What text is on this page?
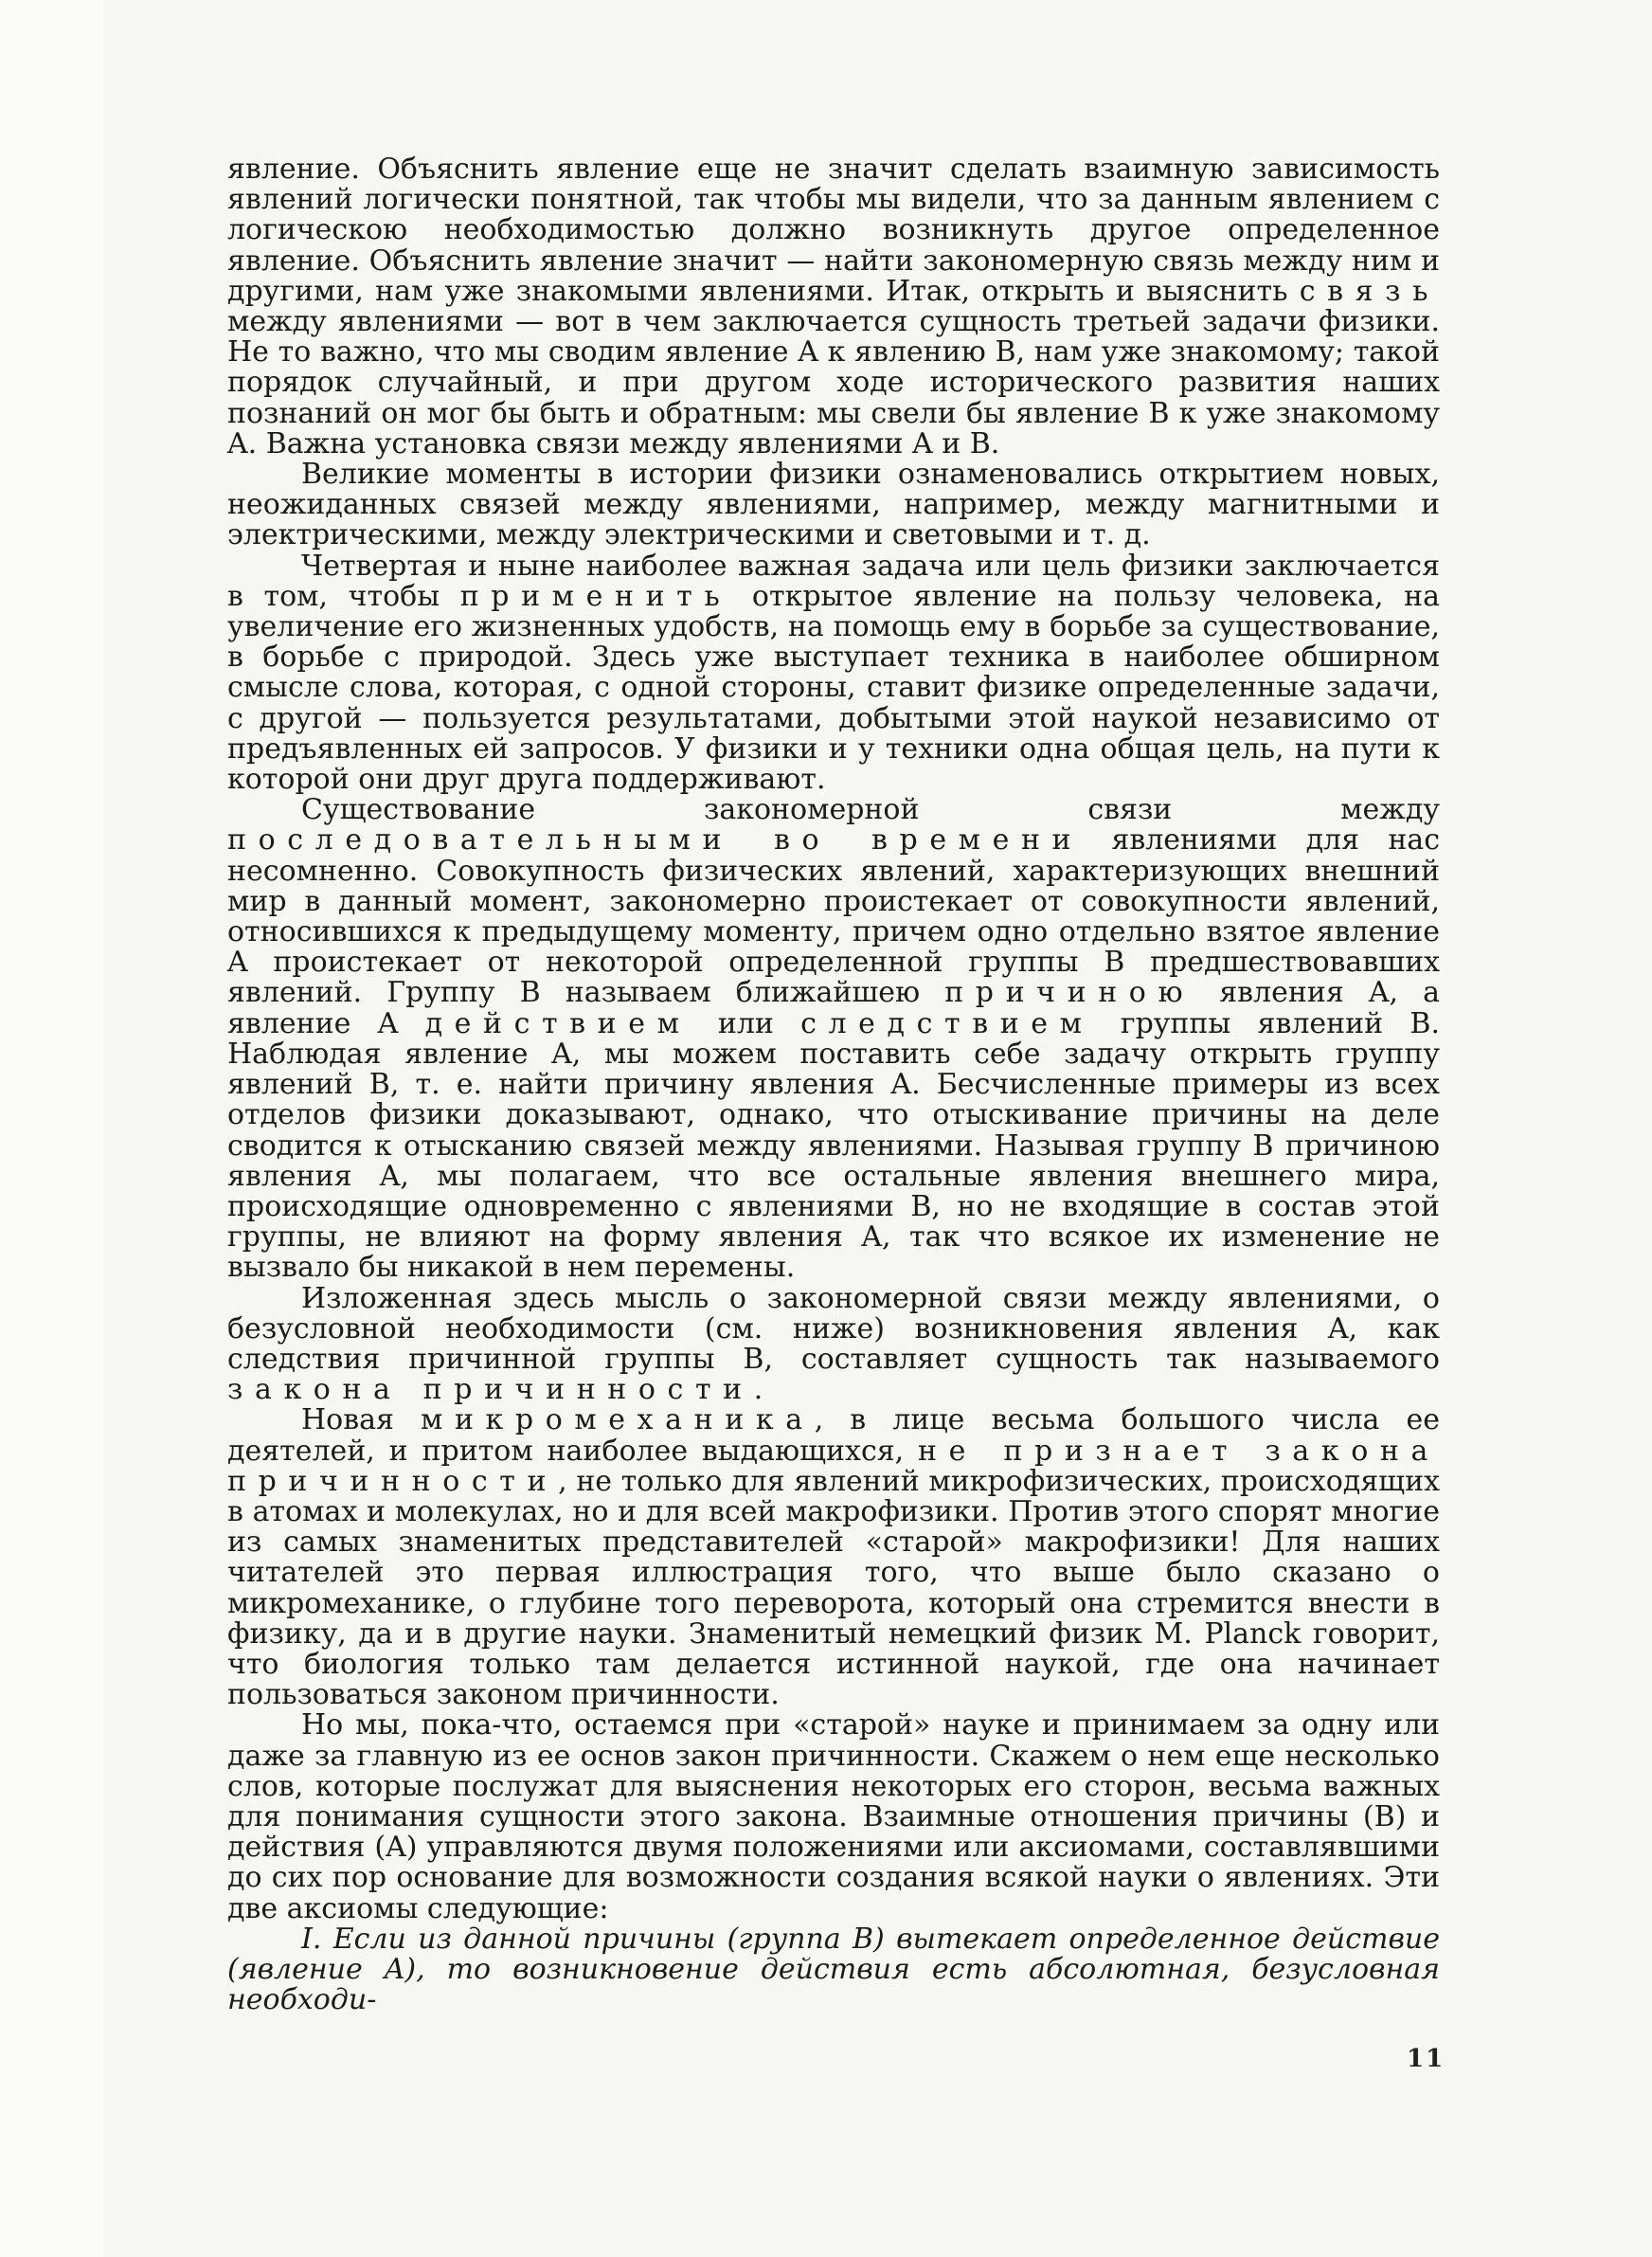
явление. Объяснить явление еще не значит сделать взаимную зависимость явлений логически понятной, так чтобы мы видели, что за данным явлением с логическою необходимостью должно возникнуть другое определенное явление. Объяснить явление значит — найти закономерную связь между ним и другими, нам уже знакомыми явлениями. Итак, открыть и выяснить связь между явлениями — вот в чем заключается сущность третьей задачи физики. Не то важно, что мы сводим явление A к явлению B, нам уже знакомому; такой порядок случайный, и при другом ходе исторического развития наших познаний он мог бы быть и обратным: мы свели бы явление B к уже знакомому A. Важна установка связи между явлениями A и B.

Великие моменты в истории физики ознаменовались открытием новых, неожиданных связей между явлениями, например, между магнитными и электрическими, между электрическими и световыми и т. д.

Четвертая и ныне наиболее важная задача или цель физики заключается в том, чтобы применить открытое явление на пользу человека, на увеличение его жизненных удобств, на помощь ему в борьбе за существование, в борьбе с природой. Здесь уже выступает техника в наиболее обширном смысле слова, которая, с одной стороны, ставит физике определенные задачи, с другой — пользуется результатами, добытыми этой наукой независимо от предъявленных ей запросов. У физики и у техники одна общая цель, на пути к которой они друг друга поддерживают.

Существование закономерной связи между последовательными во времени явлениями для нас несомненно. Совокупность физических явлений, характеризующих внешний мир в данный момент, закономерно проистекает от совокупности явлений, относившихся к предыдущему моменту, причем одно отдельно взятое явление A проистекает от некоторой определенной группы B предшествовавших явлений. Группу B называем ближайшею причиною явления A, а явление A действием или следствием группы явлений B. Наблюдая явление A, мы можем поставить себе задачу открыть группу явлений B, т. е. найти причину явления A. Бесчисленные примеры из всех отделов физики доказывают, однако, что отыскивание причины на деле сводится к отысканию связей между явлениями. Называя группу B причиною явления A, мы полагаем, что все остальные явления внешнего мира, происходящие одновременно с явлениями B, но не входящие в состав этой группы, не влияют на форму явления A, так что всякое их изменение не вызвало бы никакой в нем перемены.

Изложенная здесь мысль о закономерной связи между явлениями, о безусловной необходимости (см. ниже) возникновения явления A, как следствия причинной группы B, составляет сущность так называемого закона причинности.

Новая микромеханика, в лице весьма большого числа ее деятелей, и притом наиболее выдающихся, не признает закона причинности, не только для явлений микрофизических, происходящих в атомах и молекулах, но и для всей макрофизики. Против этого спорят многие из самых знаменитых представителей «старой» макрофизики! Для наших читателей это первая иллюстрация того, что выше было сказано о микромеханике, о глубине того переворота, который она стремится внести в физику, да и в другие науки. Знаменитый немецкий физик M. Planck говорит, что биология только там делается истинной наукой, где она начинает пользоваться законом причинности.

Но мы, пока-что, остаемся при «старой» науке и принимаем за одну или даже за главную из ее основ закон причинности. Скажем о нем еще несколько слов, которые послужат для выяснения некоторых его сторон, весьма важных для понимания сущности этого закона. Взаимные отношения причины (B) и действия (A) управляются двумя положениями или аксиомами, составлявшими до сих пор основание для возможности создания всякой науки о явлениях. Эти две аксиомы следующие:

I. Если из данной причины (группа B) вытекает определенное действие (явление A), то возникновение действия есть абсолютная, безусловная необходи-

11
